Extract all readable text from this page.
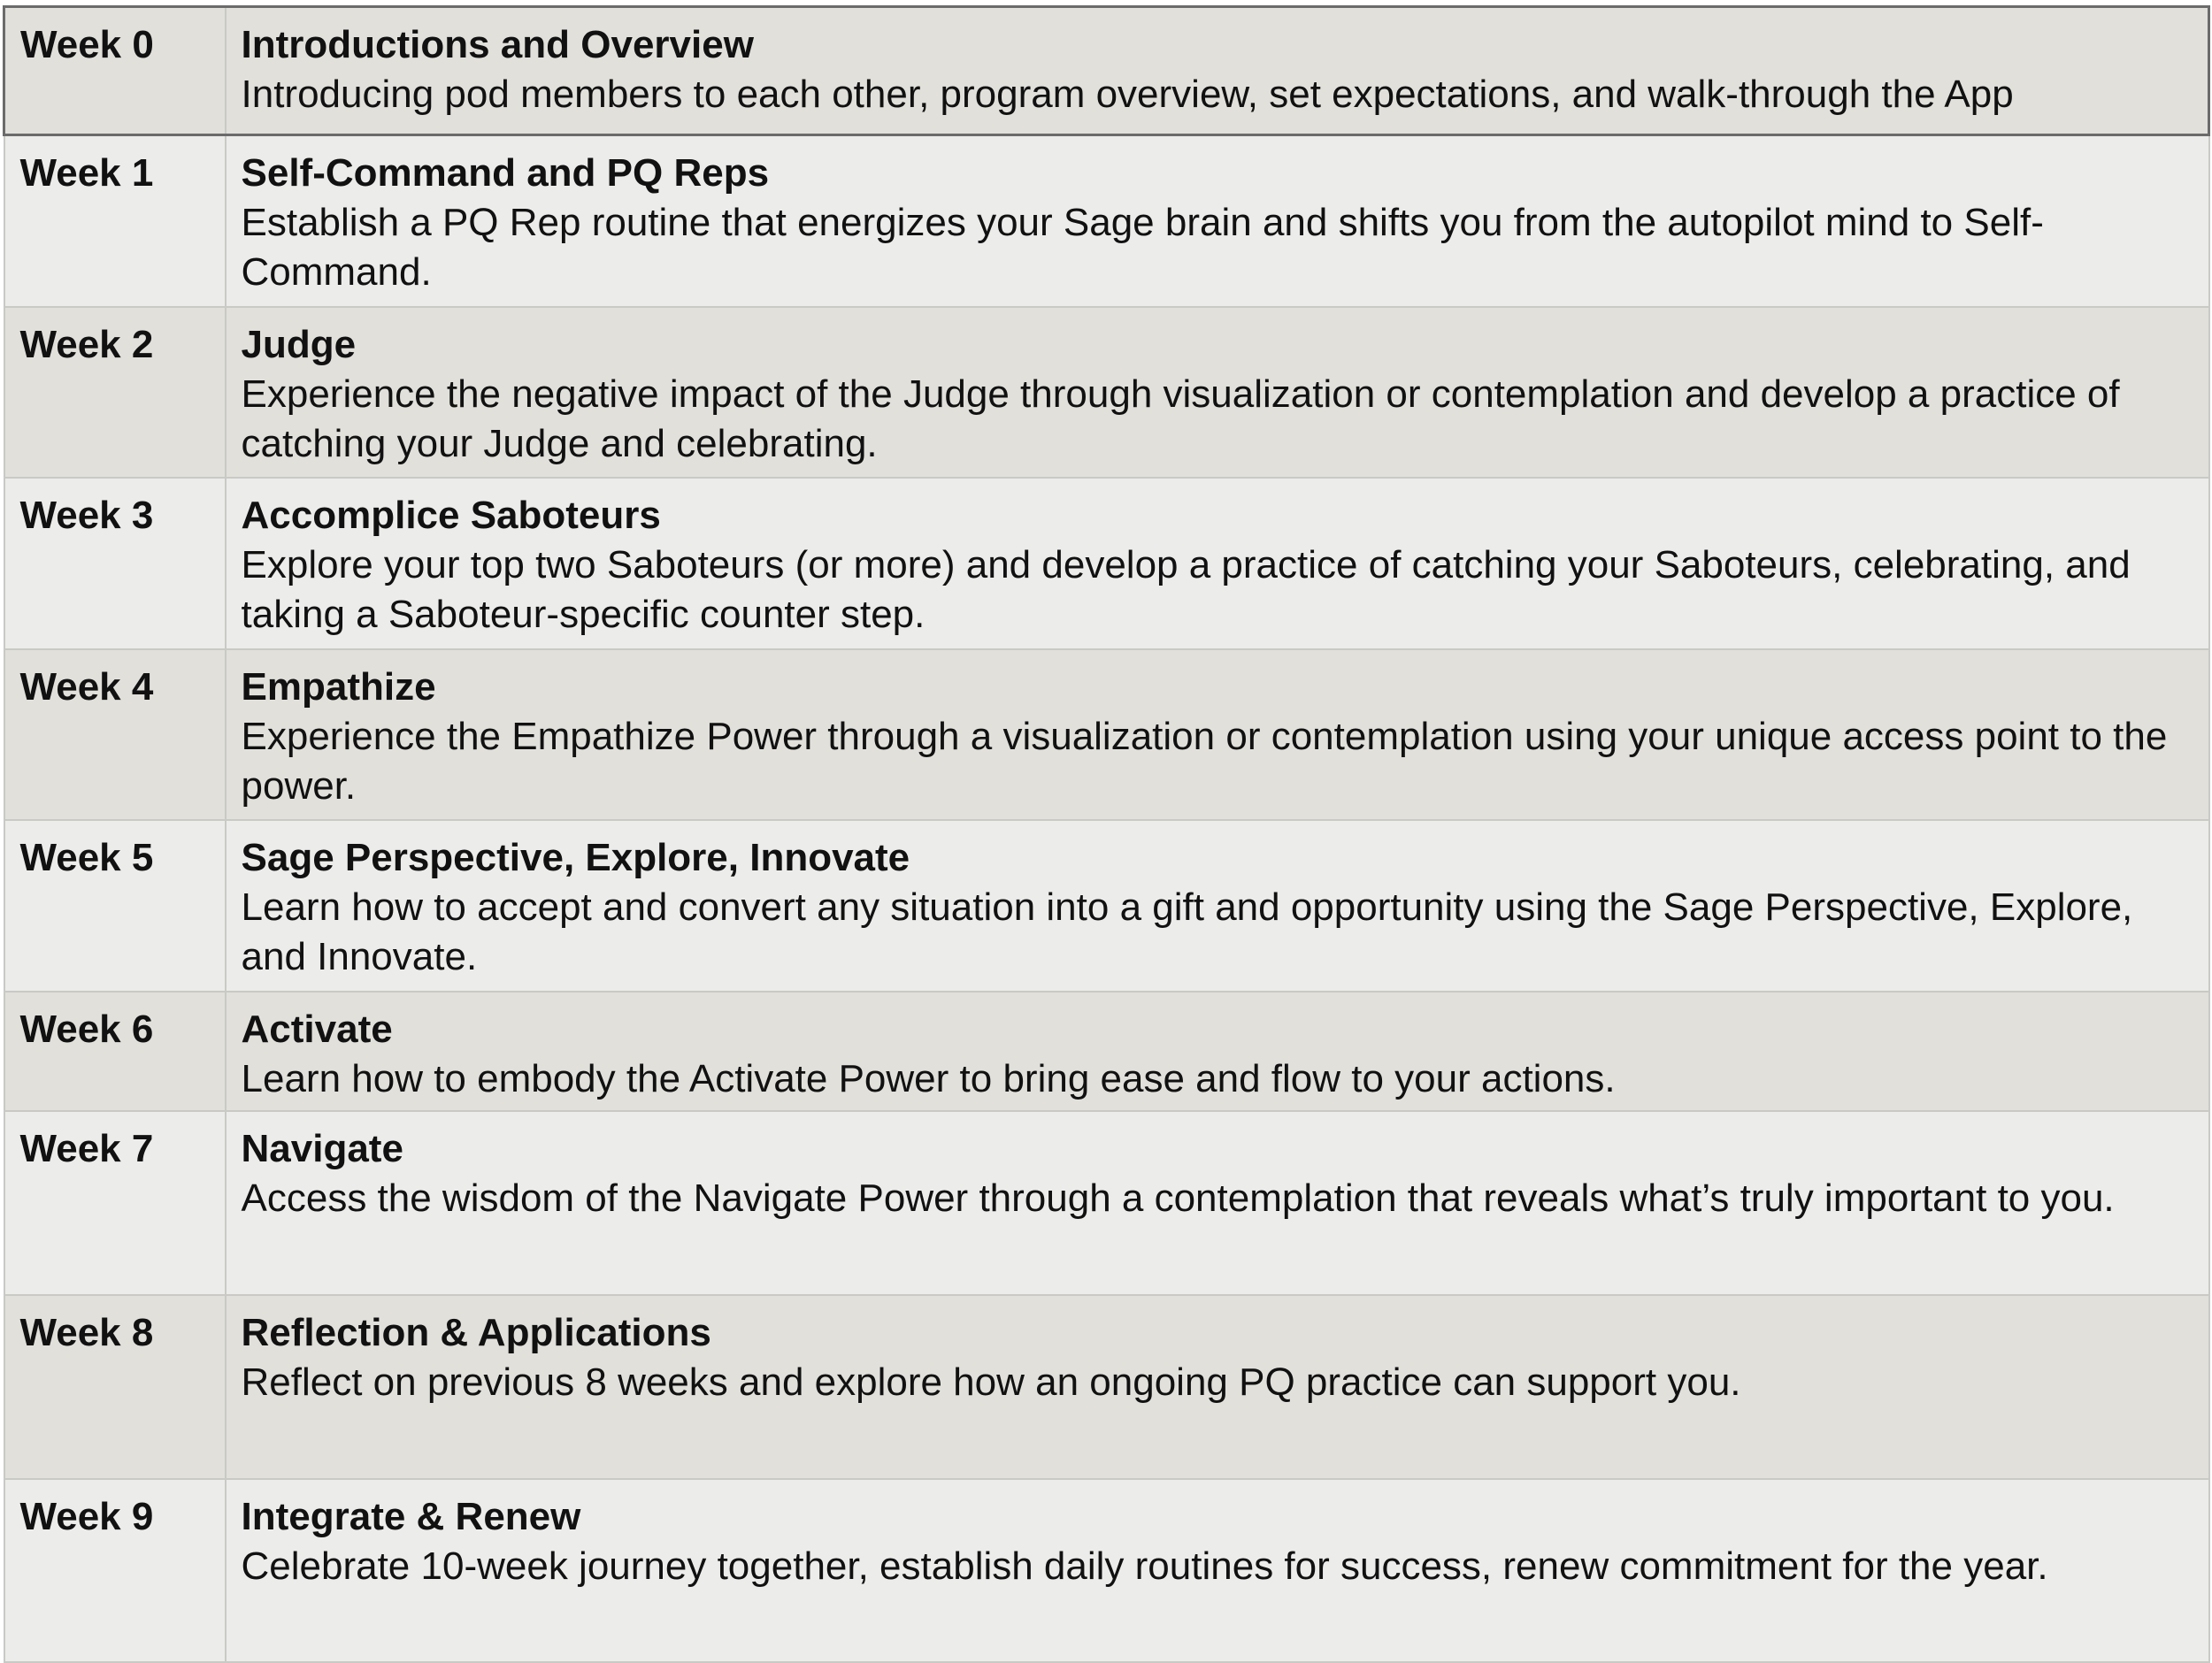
Week 0	Introductions and Overview
Introducing pod members to each other, program overview, set expectations, and walk-through the App

Week 1	Self-Command and PQ Reps
Establish a PQ Rep routine that energizes your Sage brain and shifts you from the autopilot mind to Self-Command.

Week 2	Judge
Experience the negative impact of the Judge through visualization or contemplation and develop a practice of catching your Judge and celebrating.

Week 3	Accomplice Saboteurs
Explore your top two Saboteurs (or more) and develop a practice of catching your Saboteurs, celebrating, and taking a Saboteur-specific counter step.

Week 4	Empathize
Experience the Empathize Power through a visualization or contemplation using your unique access point to the power.

Week 5	Sage Perspective, Explore, Innovate
Learn how to accept and convert any situation into a gift and opportunity using the Sage Perspective, Explore, and Innovate.

Week 6	Activate
Learn how to embody the Activate Power to bring ease and flow to your actions.

Week 7	Navigate
Access the wisdom of the Navigate Power through a contemplation that reveals what’s truly important to you.

Week 8	Reflection & Applications
Reflect on previous 8 weeks and explore how an ongoing PQ practice can support you.

Week 9	Integrate & Renew
Celebrate 10-week journey together, establish daily routines for success, renew commitment for the year.
